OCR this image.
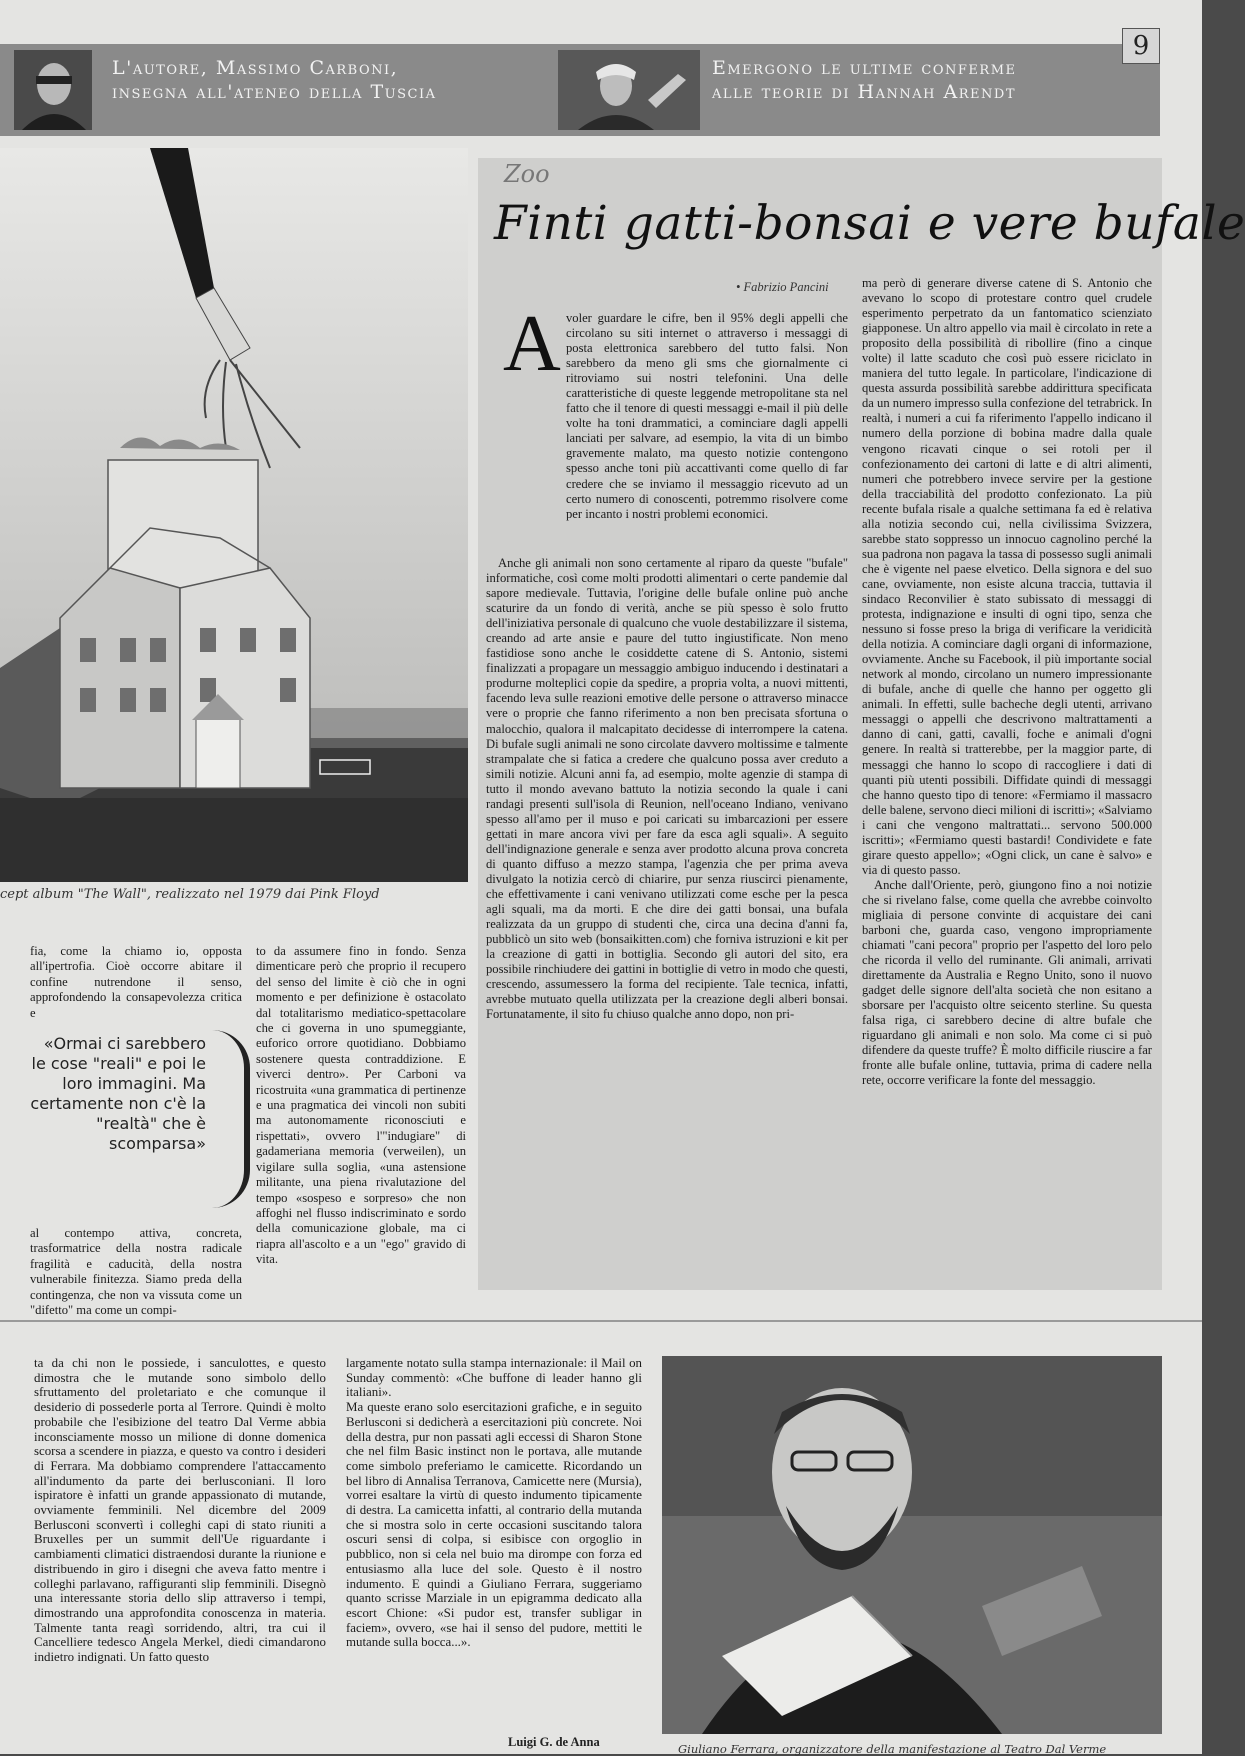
L'autore, Massimo Carboni,
insegna all'ateneo della Tuscia
Emergono le ultime conferme
alle teorie di Hannah Arendt
9
cept album "The Wall", realizzato nel 1979 dai Pink Floyd
Zoo
Finti gatti-bonsai e vere bufale
• Fabrizio Pancini
A voler guardare le cifre, ben il 95% degli appelli che circolano su siti internet o attraverso i messaggi di posta elettronica sarebbero del tutto falsi. Non sarebbero da meno gli sms che giornalmente ci ritroviamo sui nostri telefonini. Una delle caratteristiche di queste leggende metropolitane sta nel fatto che il tenore di questi messaggi e-mail il più delle volte ha toni drammatici, a cominciare dagli appelli lanciati per salvare, ad esempio, la vita di un bimbo gravemente malato, ma questo notizie contengono spesso anche toni più accattivanti come quello di far credere che se inviamo il messaggio ricevuto ad un certo numero di conoscenti, potremmo risolvere come per incanto i nostri problemi economici.

Anche gli animali non sono certamente al riparo da queste "bufale" informatiche, così come molti prodotti alimentari o certe pandemie dal sapore medievale. Tuttavia, l'origine delle bufale online può anche scaturire da un fondo di verità, anche se più spesso è solo frutto dell'iniziativa personale di qualcuno che vuole destabilizzare il sistema, creando ad arte ansie e paure del tutto ingiustificate. Non meno fastidiose sono anche le cosiddette catene di S. Antonio, sistemi finalizzati a propagare un messaggio ambiguo inducendo i destinatari a produrne molteplici copie da spedire, a propria volta, a nuovi mittenti, facendo leva sulle reazioni emotive delle persone o attraverso minacce vere o proprie che fanno riferimento a non ben precisata sfortuna o malocchio, qualora il malcapitato decidesse di interrompere la catena. Di bufale sugli animali ne sono circolate davvero moltissime e talmente strampalate che si fatica a credere che qualcuno possa aver creduto a simili notizie. Alcuni anni fa, ad esempio, molte agenzie di stampa di tutto il mondo avevano battuto la notizia secondo la quale i cani randagi presenti sull'isola di Reunion, nell'oceano Indiano, venivano spesso all'amo per il muso e poi caricati su imbarcazioni per essere gettati in mare ancora vivi per fare da esca agli squali». A seguito dell'indignazione generale e senza aver prodotto alcuna prova concreta di quanto diffuso a mezzo stampa, l'agenzia che per prima aveva divulgato la notizia cercò di chiarire, pur senza riuscirci pienamente, che effettivamente i cani venivano utilizzati come esche per la pesca agli squali, ma da morti. E che dire dei gatti bonsai, una bufala realizzata da un gruppo di studenti che, circa una decina d'anni fa, pubblicò un sito web (bonsaikitten.com) che forniva istruzioni e kit per la creazione di gatti in bottiglia. Secondo gli autori del sito, era possibile rinchiudere dei gattini in bottiglie di vetro in modo che questi, crescendo, assumessero la forma del recipiente. Tale tecnica, infatti, avrebbe mutuato quella utilizzata per la creazione degli alberi bonsai. Fortunatamente, il sito fu chiuso qualche anno dopo, non pri-

ma però di generare diverse catene di S. Antonio che avevano lo scopo di protestare contro quel crudele esperimento perpetrato da un fantomatico scienziato giapponese. Un altro appello via mail è circolato in rete a proposito della possibilità di ribollire (fino a cinque volte) il latte scaduto che così può essere riciclato in maniera del tutto legale. In particolare, l'indicazione di questa assurda possibilità sarebbe addirittura specificata da un numero impresso sulla confezione del tetrabrick. In realtà, i numeri a cui fa riferimento l'appello indicano il numero della porzione di bobina madre dalla quale vengono ricavati cinque o sei rotoli per il confezionamento dei cartoni di latte e di altri alimenti, numeri che potrebbero invece servire per la gestione della tracciabilità del prodotto confezionato. La più recente bufala risale a qualche settimana fa ed è relativa alla notizia secondo cui, nella civilissima Svizzera, sarebbe stato soppresso un innocuo cagnolino perché la sua padrona non pagava la tassa di possesso sugli animali che è vigente nel paese elvetico. Della signora e del suo cane, ovviamente, non esiste alcuna traccia, tuttavia il sindaco Reconvilier è stato subissato di messaggi di protesta, indignazione e insulti di ogni tipo, senza che nessuno si fosse preso la briga di verificare la veridicità della notizia. A cominciare dagli organi di informazione, ovviamente. Anche su Facebook, il più importante social network al mondo, circolano un numero impressionante di bufale, anche di quelle che hanno per oggetto gli animali. In effetti, sulle bacheche degli utenti, arrivano messaggi o appelli che descrivono maltrattamenti a danno di cani, gatti, cavalli, foche e animali d'ogni genere. In realtà si tratterebbe, per la maggior parte, di messaggi che hanno lo scopo di raccogliere i dati di quanti più utenti possibili. Diffidate quindi di messaggi che hanno questo tipo di tenore: «Fermiamo il massacro delle balene, servono dieci milioni di iscritti»; «Salviamo i cani che vengono maltrattati... servono 500.000 iscritti»; «Fermiamo questi bastardi! Condividete e fate girare questo appello»; «Ogni click, un cane è salvo» e via di questo passo.

Anche dall'Oriente, però, giungono fino a noi notizie che si rivelano false, come quella che avrebbe coinvolto migliaia di persone convinte di acquistare dei cani barboni che, guarda caso, vengono impropriamente chiamati "cani pecora" proprio per l'aspetto del loro pelo che ricorda il vello del ruminante. Gli animali, arrivati direttamente da Australia e Regno Unito, sono il nuovo gadget delle signore dell'alta società che non esitano a sborsare per l'acquisto oltre seicento sterline. Su questa falsa riga, ci sarebbero decine di altre bufale che riguardano gli animali e non solo. Ma come ci si può difendere da queste truffe? È molto difficile riuscire a far fronte alle bufale online, tuttavia, prima di cadere nella rete, occorre verificare la fonte del messaggio.

fia, come la chiamo io, opposta all'ipertrofia. Cioè occorre abitare il confine nutrendone il senso, approfondendo la consapevolezza critica e
«Ormai ci sarebbero le cose "reali" e poi le loro immagini. Ma certamente non c'è la "realtà" che è scomparsa»
al contempo attiva, concreta, trasformatrice della nostra radicale fragilità e caducità, della nostra vulnerabile finitezza. Siamo preda della contingenza, che non va vissuta come un "difetto" ma come un compi-
to da assumere fino in fondo. Senza dimenticare però che proprio il recupero del senso del limite è ciò che in ogni momento e per definizione è ostacolato dal totalitarismo mediatico-spettacolare che ci governa in uno spumeggiante, euforico orrore quotidiano. Dobbiamo sostenere questa contraddizione. E viverci dentro». Per Carboni va ricostruita «una grammatica di pertinenze e una pragmatica dei vincoli non subiti ma autonomamente riconosciuti e rispettati», ovvero l'"indugiare" di gadameriana memoria (verweilen), un vigilare sulla soglia, «una astensione militante, una piena rivalutazione del tempo «sospeso e sorpreso» che non affoghi nel flusso indiscriminato e sordo della comunicazione globale, ma ci riapra all'ascolto e a un "ego" gravido di vita.
ta da chi non le possiede, i sanculottes, e questo dimostra che le mutande sono simbolo dello sfruttamento del proletariato e che comunque il desiderio di possederle porta al Terrore. Quindi è molto probabile che l'esibizione del teatro Dal Verme abbia inconsciamente mosso un milione di donne domenica scorsa a scendere in piazza, e questo va contro i desideri di Ferrara. Ma dobbiamo comprendere l'attaccamento all'indumento da parte dei berlusconiani. Il loro ispiratore è infatti un grande appassionato di mutande, ovviamente femminili. Nel dicembre del 2009 Berlusconi sconvertì i colleghi capi di stato riuniti a Bruxelles per un summit dell'Ue riguardante i cambiamenti climatici distraendosi durante la riunione e distribuendo in giro i disegni che aveva fatto mentre i colleghi parlavano, raffiguranti slip femminili. Disegnò una interessante storia dello slip attraverso i tempi, dimostrando una approfondita conoscenza in materia. Talmente tanta reagì sorridendo, altri, tra cui il Cancelliere tedesco Angela Merkel, diedi cimandarono indietro indignati. Un fatto questo
largamente notato sulla stampa internazionale: il Mail on Sunday commentò: «Che buffone di leader hanno gli italiani».
Ma queste erano solo esercitazioni grafiche, e in seguito Berlusconi si dedicherà a esercitazioni più concrete. Noi della destra, pur non passati agli eccessi di Sharon Stone che nel film Basic instinct non le portava, alle mutande come simbolo preferiamo le camicette. Ricordando un bel libro di Annalisa Terranova, Camicette nere (Mursia), vorrei esaltare la virtù di questo indumento tipicamente di destra. La camicetta infatti, al contrario della mutanda che si mostra solo in certe occasioni suscitando talora oscuri sensi di colpa, si esibisce con orgoglio in pubblico, non si cela nel buio ma dirompe con forza ed entusiasmo alla luce del sole. Questo è il nostro indumento. E quindi a Giuliano Ferrara, suggeriamo quanto scrisse Marziale in un epigramma dedicato alla escort Chione: «Si pudor est, transfer subligar in faciem», ovvero, «se hai il senso del pudore, mettiti le mutande sulla bocca...».
Luigi G. de Anna	Giuliano Ferrara, organizzatore della manifestazione al Teatro Dal Verme
